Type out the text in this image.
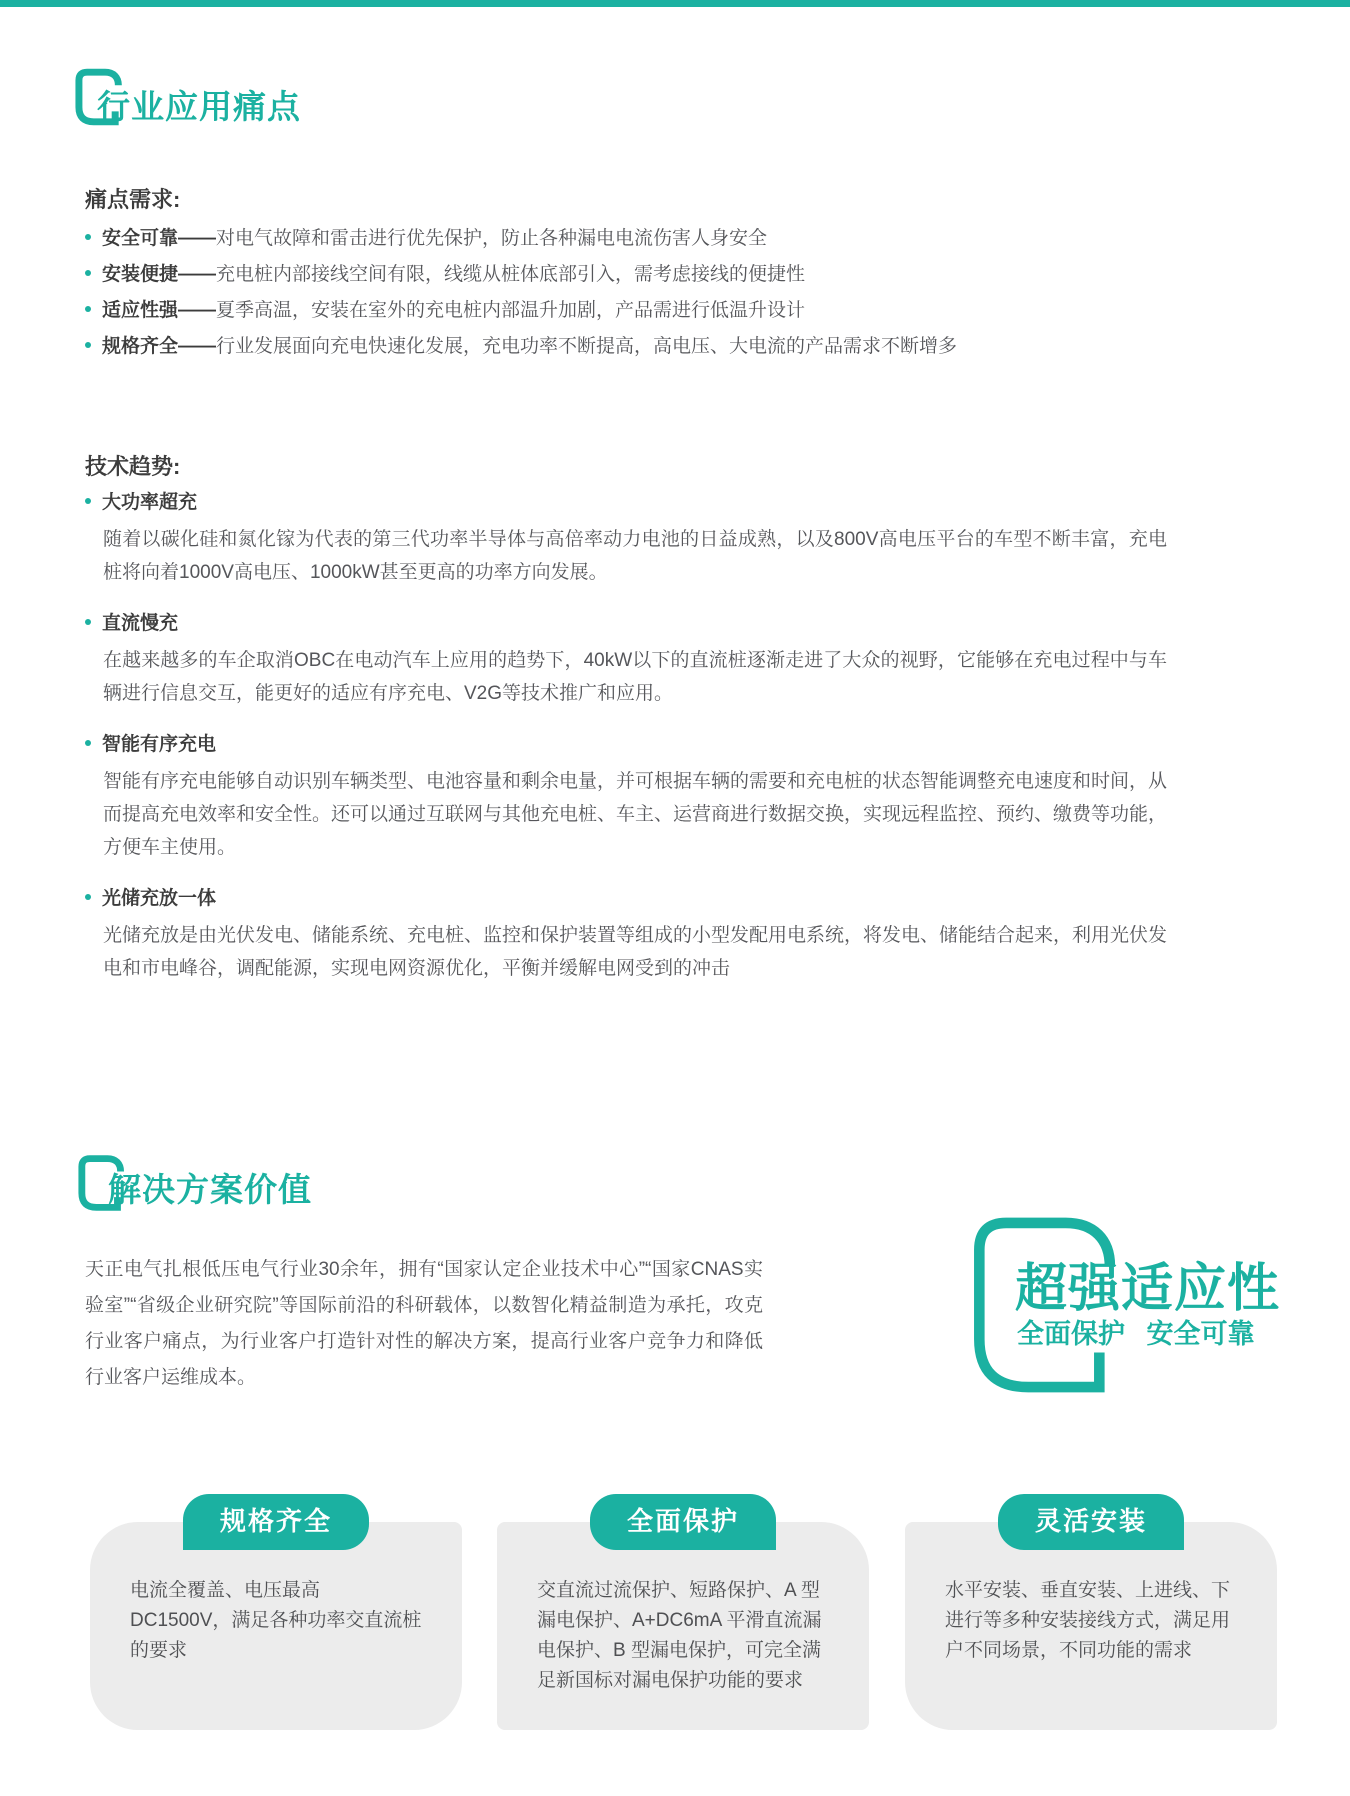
行业应用痛点
痛点需求:
安全可靠——对电气故障和雷击进行优先保护，防止各种漏电电流伤害人身安全
安装便捷——充电桩内部接线空间有限，线缆从桩体底部引入，需考虑接线的便捷性
适应性强——夏季高温，安装在室外的充电桩内部温升加剧，产品需进行低温升设计
规格齐全——行业发展面向充电快速化发展，充电功率不断提高，高电压、大电流的产品需求不断增多
技术趋势:
大功率超充
随着以碳化硅和氮化镓为代表的第三代功率半导体与高倍率动力电池的日益成熟，以及800V高电压平台的车型不断丰富，充电桩将向着1000V高电压、1000kW甚至更高的功率方向发展。
直流慢充
在越来越多的车企取消OBC在电动汽车上应用的趋势下，40kW以下的直流桩逐渐走进了大众的视野，它能够在充电过程中与车辆进行信息交互，能更好的适应有序充电、V2G等技术推广和应用。
智能有序充电
智能有序充电能够自动识别车辆类型、电池容量和剩余电量，并可根据车辆的需要和充电桩的状态智能调整充电速度和时间，从而提高充电效率和安全性。还可以通过互联网与其他充电桩、车主、运营商进行数据交换，实现远程监控、预约、缴费等功能，方便车主使用。
光储充放一体
光储充放是由光伏发电、储能系统、充电桩、监控和保护装置等组成的小型发配用电系统，将发电、储能结合起来，利用光伏发电和市电峰谷，调配能源，实现电网资源优化，平衡并缓解电网受到的冲击
解决方案价值
天正电气扎根低压电气行业30余年，拥有“国家认定企业技术中心”“国家CNAS实验室”“省级企业研究院”等国际前沿的科研载体，以数智化精益制造为承托，攻克行业客户痛点，为行业客户打造针对性的解决方案，提高行业客户竞争力和降低行业客户运维成本。
超强适应性
全面保护 安全可靠
规格齐全
电流全覆盖、电压最高 DC1500V，满足各种功率交直流桩的要求
全面保护
交直流过流保护、短路保护、A 型漏电保护、A+DC6mA 平滑直流漏电保护、B 型漏电保护，可完全满足新国标对漏电保护功能的要求
灵活安装
水平安装、垂直安装、上进线、下进行等多种安装接线方式，满足用户不同场景，不同功能的需求
